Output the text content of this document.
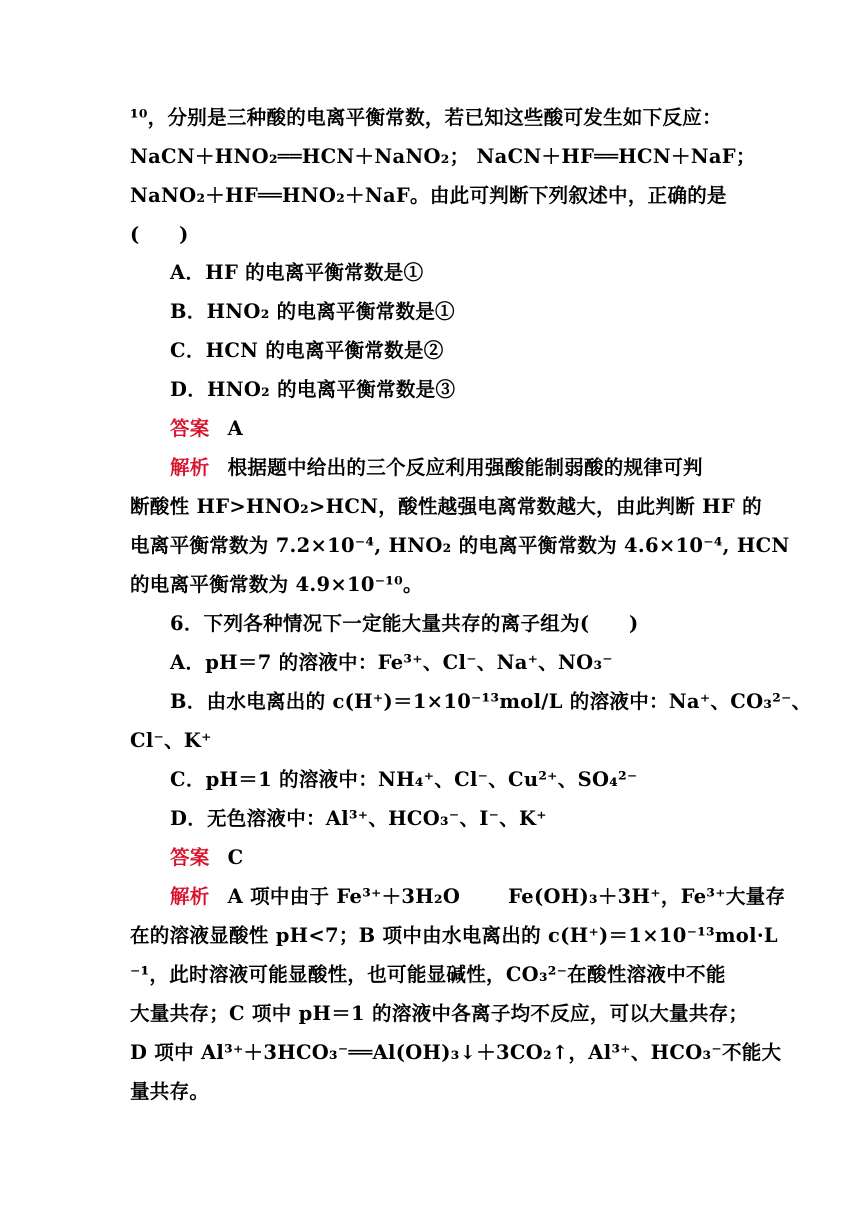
¹⁰，分别是三种酸的电离平衡常数，若已知这些酸可发生如下反应：
NaCN＋HNO₂══HCN＋NaNO₂； NaCN＋HF══HCN＋NaF；
NaNO₂＋HF══HNO₂＋NaF。由此可判断下列叙述中，正确的是
(　　)
A．HF 的电离平衡常数是①
B．HNO₂ 的电离平衡常数是①
C．HCN 的电离平衡常数是②
D．HNO₂ 的电离平衡常数是③
答案 A
解析 根据题中给出的三个反应利用强酸能制弱酸的规律可判
断酸性 HF>HNO₂>HCN，酸性越强电离常数越大，由此判断 HF 的
电离平衡常数为 7.2×10⁻⁴, HNO₂ 的电离平衡常数为 4.6×10⁻⁴, HCN
的电离平衡常数为 4.9×10⁻¹⁰。
6．下列各种情况下一定能大量共存的离子组为(　　)
A．pH＝7 的溶液中：Fe³⁺、Cl⁻、Na⁺、NO₃⁻
B．由水电离出的 c(H⁺)＝1×10⁻¹³mol/L 的溶液中：Na⁺、CO₃²⁻、
Cl⁻、K⁺
C．pH＝1 的溶液中：NH₄⁺、Cl⁻、Cu²⁺、SO₄²⁻
D．无色溶液中：Al³⁺、HCO₃⁻、I⁻、K⁺
答案 C
解析 A 项中由于 Fe³⁺＋3H₂O Fe(OH)₃＋3H⁺，Fe³⁺大量存
在的溶液显酸性 pH<7；B 项中由水电离出的 c(H⁺)＝1×10⁻¹³mol·L
⁻¹，此时溶液可能显酸性，也可能显碱性，CO₃²⁻在酸性溶液中不能
大量共存；C 项中 pH＝1 的溶液中各离子均不反应，可以大量共存；
D 项中 Al³⁺＋3HCO₃⁻══Al(OH)₃↓＋3CO₂↑，Al³⁺、HCO₃⁻不能大
量共存。
